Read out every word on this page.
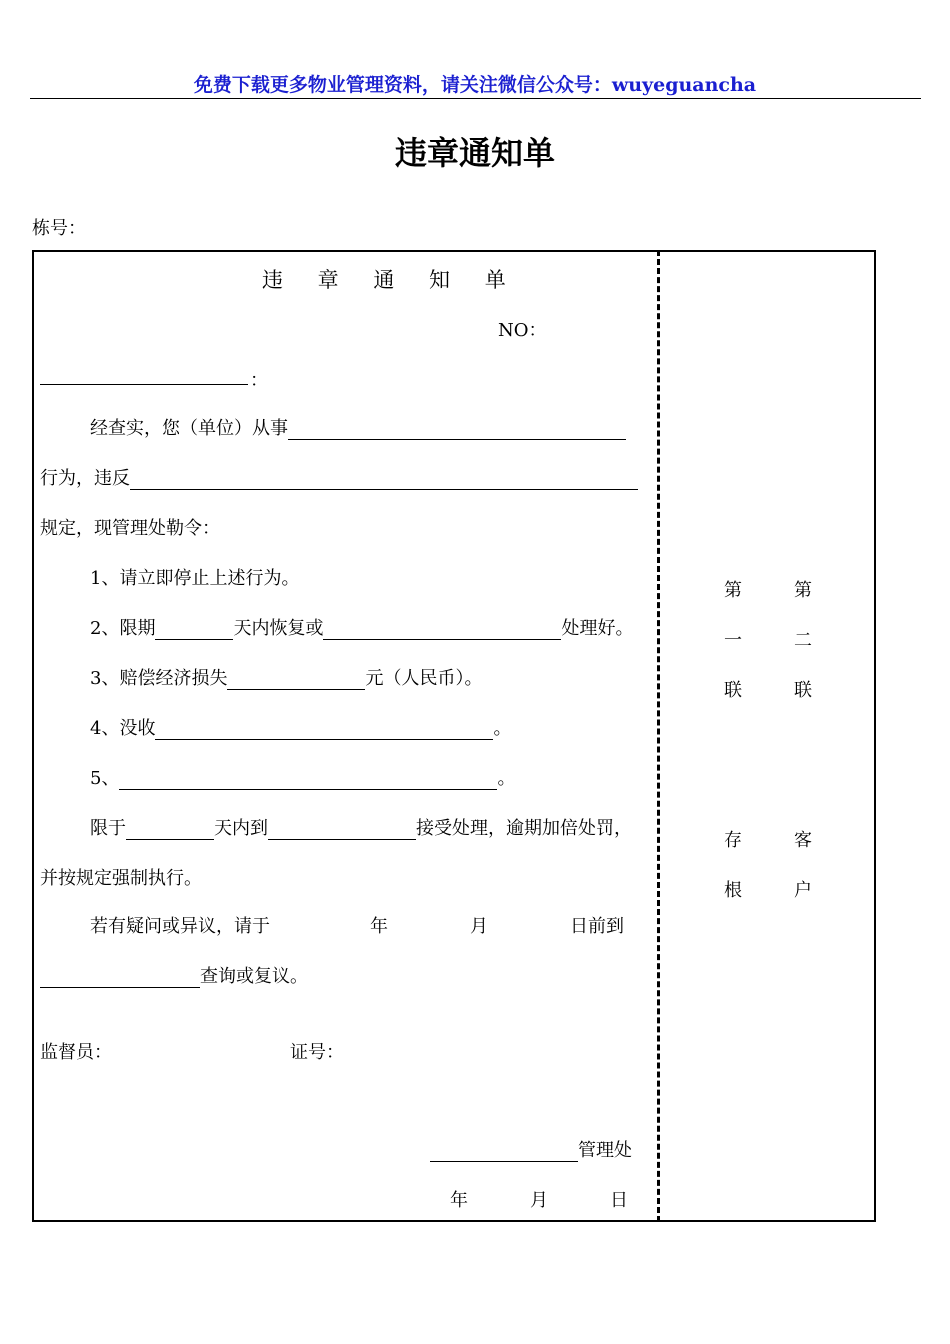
免费下载更多物业管理资料，请关注微信公众号：wuyeguancha
违章通知单
栋号：
违 章 通 知 单
NO：
：
经查实，您（单位）从事
行为，违反
规定，现管理处勒令：
1、请立即停止上述行为。
2、限期	天内恢复或	处理好。
3、赔偿经济损失	元（人民币）。
4、没收	。
5、	。
限于	天内到	接受处理，逾期加倍处罚，
并按规定强制执行。
若有疑问或异议，请于	年	月	日前到
查询或复议。
监督员：	证号：
管理处
年	月	日
第
一
联
存
根
第
二
联
客
户
